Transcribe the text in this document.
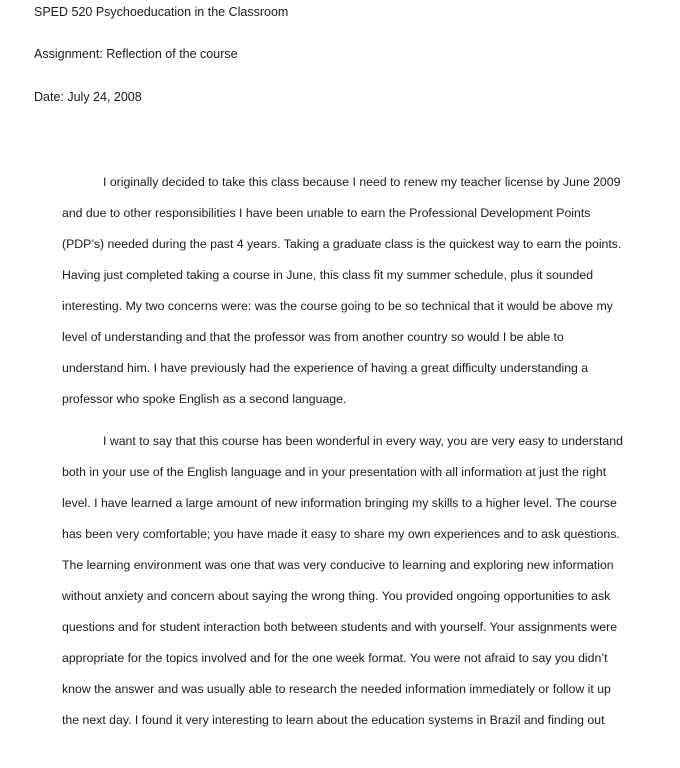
SPED 520 Psychoeducation in the Classroom
Assignment: Reflection of the course
Date: July 24, 2008
I originally decided to take this class because I need to renew my teacher license by June 2009
and due to other responsibilities I have been unable to earn the Professional Development Points
(PDP’s) needed during the past 4 years. Taking a graduate class is the quickest way to earn the points.
Having just completed taking a course in June, this class fit my summer schedule, plus it sounded
interesting. My two concerns were: was the course going to be so technical that it would be above my
level of understanding and that the professor was from another country so would I be able to
understand him. I have previously had the experience of having a great difficulty understanding a
professor who spoke English as a second language.
I want to say that this course has been wonderful in every way, you are very easy to understand
both in your use of the English language and in your presentation with all information at just the right
level. I have learned a large amount of new information bringing my skills to a higher level. The course
has been very comfortable; you have made it easy to share my own experiences and to ask questions.
The learning environment was one that was very conducive to learning and exploring new information
without anxiety and concern about saying the wrong thing. You provided ongoing opportunities to ask
questions and for student interaction both between students and with yourself. Your assignments were
appropriate for the topics involved and for the one week format. You were not afraid to say you didn’t
know the answer and was usually able to research the needed information immediately or follow it up
the next day. I found it very interesting to learn about the education systems in Brazil and finding out
